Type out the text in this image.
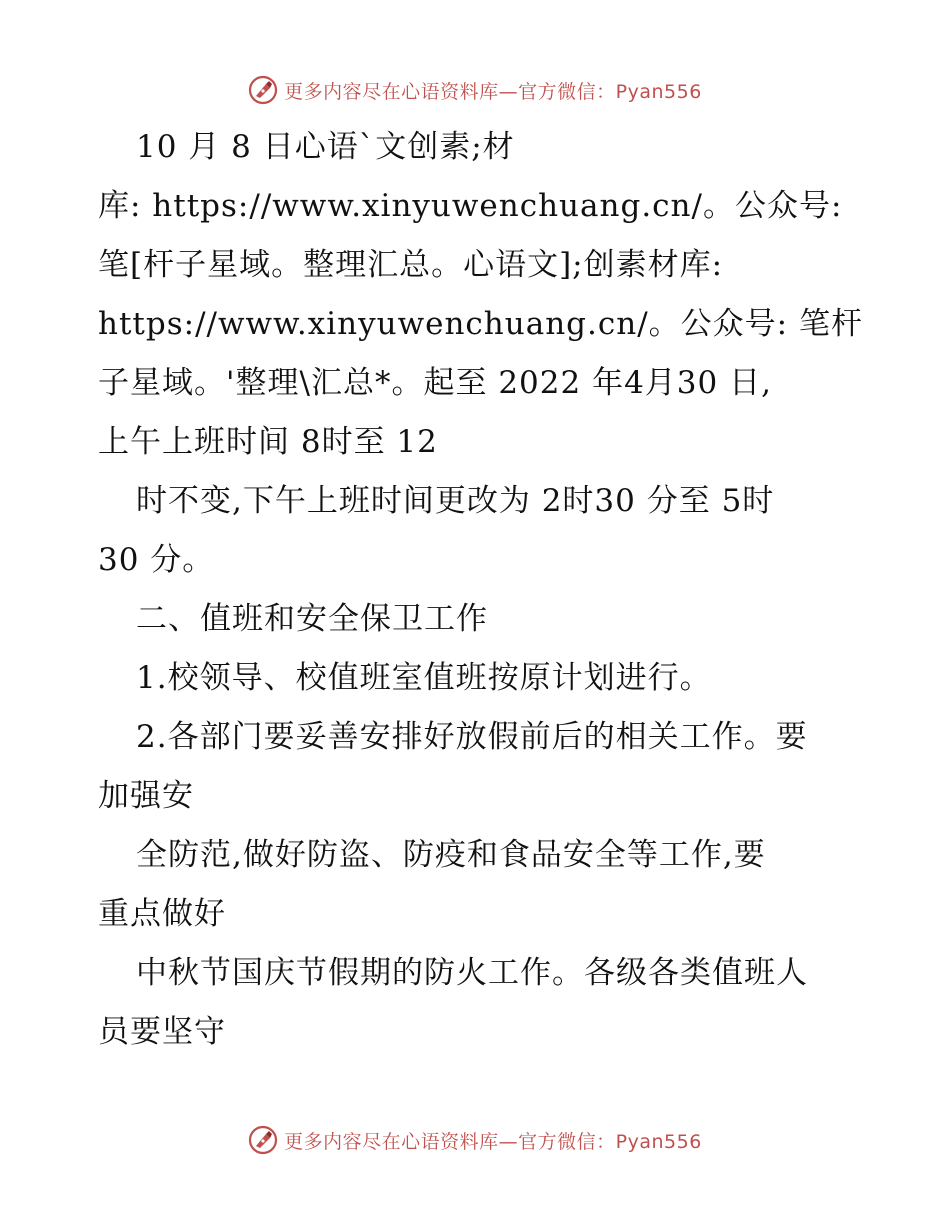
更多内容尽在心语资料库—官方微信：Pyan556
10 月 8 日心语`文创素;材
库: https://www.xinyuwenchuang.cn/。公众号:
笔[杆子星域。整理汇总。心语文];创素材库:
https://www.xinyuwenchuang.cn/。公众号: 笔杆
子星域。'整理\汇总*。起至 2022 年4月30 日,
上午上班时间 8时至 12
时不变,下午上班时间更改为 2时30 分至 5时
30 分。
二、值班和安全保卫工作
1.校领导、校值班室值班按原计划进行。
2.各部门要妥善安排好放假前后的相关工作。要
加强安
全防范,做好防盗、防疫和食品安全等工作,要
重点做好
中秋节国庆节假期的防火工作。各级各类值班人
员要坚守
更多内容尽在心语资料库—官方微信：Pyan556
